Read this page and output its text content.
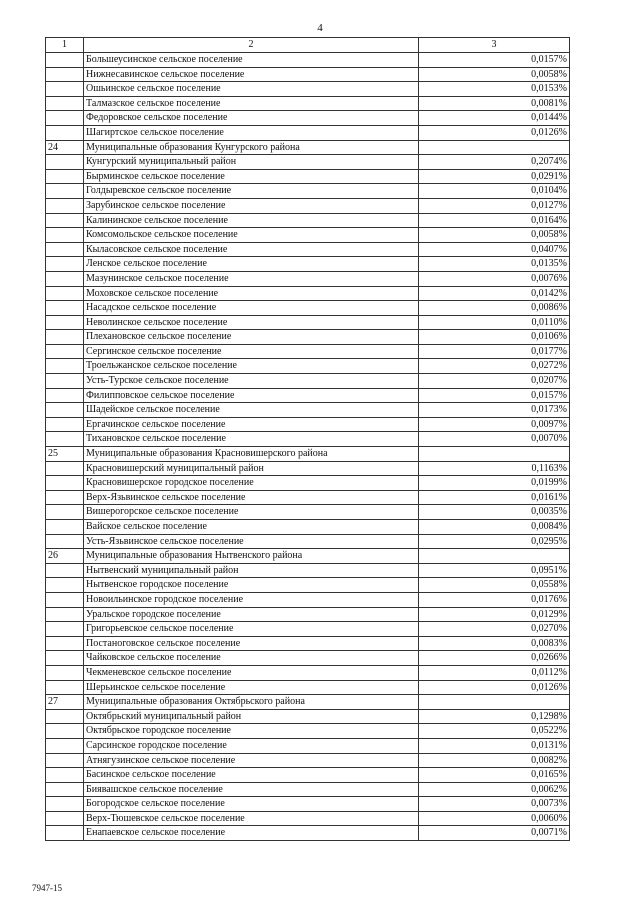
4
1	2	3
	Большеусинское сельское поселение	0,0157%
	Нижнесавинское сельское поселение	0,0058%
	Ошьинское сельское поселение	0,0153%
	Талмазское сельское поселение	0,0081%
	Федоровское сельское поселение	0,0144%
	Шагиртское сельское поселение	0,0126%
24	Муниципальные образования Кунгурского района	
	Кунгурский муниципальный район	0,2074%
	Бырминское сельское поселение	0,0291%
	Голдыревское сельское поселение	0,0104%
	Зарубинское сельское поселение	0,0127%
	Калининское сельское поселение	0,0164%
	Комсомольское сельское поселение	0,0058%
	Кыласовское сельское поселение	0,0407%
	Ленское сельское поселение	0,0135%
	Мазунинское сельское поселение	0,0076%
	Моховское сельское поселение	0,0142%
	Насадское сельское поселение	0,0086%
	Неволинское сельское поселение	0,0110%
	Плехановское сельское поселение	0,0106%
	Сергинское сельское поселение	0,0177%
	Троельжанское сельское поселение	0,0272%
	Усть-Турское сельское поселение	0,0207%
	Филипповское сельское поселение	0,0157%
	Шадейское сельское поселение	0,0173%
	Ергачинское сельское поселение	0,0097%
	Тихановское сельское поселение	0,0070%
25	Муниципальные образования Красновишерского района	
	Красновишерский муниципальный район	0,1163%
	Красновишерское городское поселение	0,0199%
	Верх-Язьвинское сельское поселение	0,0161%
	Вишерогорское сельское поселение	0,0035%
	Вайское сельское поселение	0,0084%
	Усть-Язьвинское сельское поселение	0,0295%
26	Муниципальные образования Нытвенского района	
	Нытвенский муниципальный район	0,0951%
	Нытвенское городское поселение	0,0558%
	Новоильинское городское поселение	0,0176%
	Уральское городское поселение	0,0129%
	Григорьевское сельское поселение	0,0270%
	Постаноговское сельское поселение	0,0083%
	Чайковское сельское поселение	0,0266%
	Чекменевское сельское поселение	0,0112%
	Шерьинское сельское поселение	0,0126%
27	Муниципальные образования Октябрьского района	
	Октябрьский муниципальный район	0,1298%
	Октябрьское городское поселение	0,0522%
	Сарсинское городское поселение	0,0131%
	Атнягузинское сельское поселение	0,0082%
	Басинское сельское поселение	0,0165%
	Биявашское сельское поселение	0,0062%
	Богородское сельское поселение	0,0073%
	Верх-Тюшевское сельское поселение	0,0060%
	Енапаевское сельское поселение	0,0071%
7947-15
